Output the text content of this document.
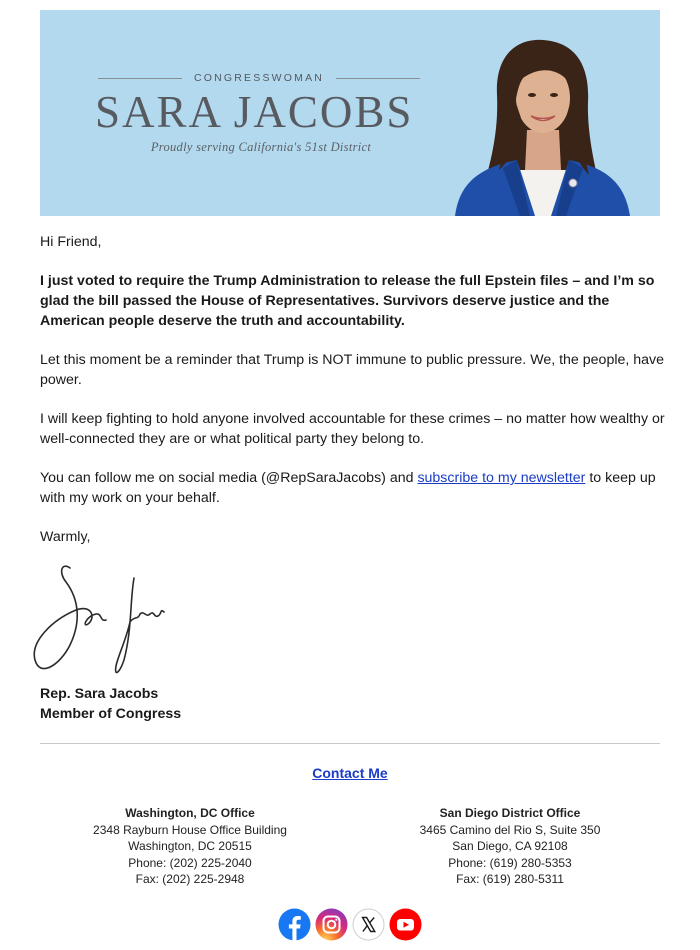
CONGRESSWOMAN
SARA JACOBS
Proudly serving California's 51st District

Hi Friend,

I just voted to require the Trump Administration to release the full Epstein files – and I’m so glad the bill passed the House of Representatives. Survivors deserve justice and the American people deserve the truth and accountability.

Let this moment be a reminder that Trump is NOT immune to public pressure. We, the people, have power.

I will keep fighting to hold anyone involved accountable for these crimes – no matter how wealthy or well-connected they are or what political party they belong to.

You can follow me on social media (@RepSaraJacobs) and subscribe to my newsletter to keep up with my work on your behalf.

Warmly,

Rep. Sara Jacobs
Member of Congress
Contact Me
Washington, DC Office
2348 Rayburn House Office Building
Washington, DC 20515
Phone: (202) 225-2040
Fax: (202) 225-2948
San Diego District Office
3465 Camino del Rio S, Suite 350
San Diego, CA 92108
Phone: (619) 280-5353
Fax: (619) 280-5311
